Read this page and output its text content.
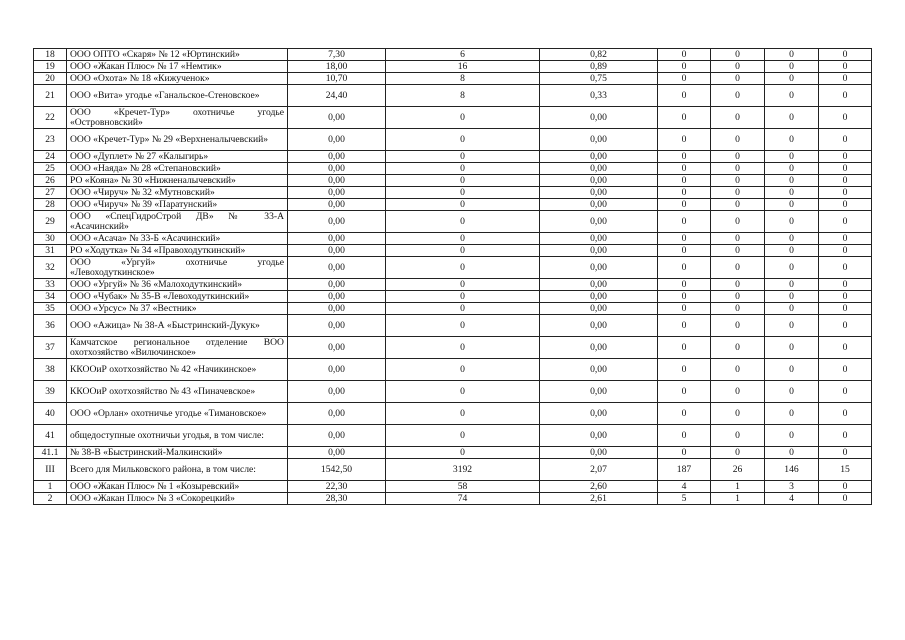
18	ООО ОПТО «Скаря» № 12 «Юртинский»	7,30	6	0,82	0	0	0	0
19	ООО «Жакан Плюс» № 17 «Немтик»	18,00	16	0,89	0	0	0	0
20	ООО «Охота» № 18 «Кижученок»	10,70	8	0,75	0	0	0	0
21	ООО «Вита» угодье «Ганальское-Стеновское»	24,40	8	0,33	0	0	0	0
22	ООО «Кречет-Тур» охотничье угодье «Островновский»	0,00	0	0,00	0	0	0	0
23	ООО «Кречет-Тур» № 29 «Верхненалычевский»	0,00	0	0,00	0	0	0	0
24	ООО «Дуплет» № 27 «Калыгирь»	0,00	0	0,00	0	0	0	0
25	ООО «Наяда» № 28 «Степановский»	0,00	0	0,00	0	0	0	0
26	РО «Коянa» № 30 «Нижненалычевский»	0,00	0	0,00	0	0	0	0
27	ООО «Чируч» № 32 «Мутновский»	0,00	0	0,00	0	0	0	0
28	ООО «Чируч» № 39 «Паратунский»	0,00	0	0,00	0	0	0	0
29	ООО «СпецГидроСтрой ДВ» № 33-А «Асачинский»	0,00	0	0,00	0	0	0	0
30	ООО «Асача» № 33-Б «Асачинский»	0,00	0	0,00	0	0	0	0
31	РО «Ходутка» № 34 «Правоходуткинский»	0,00	0	0,00	0	0	0	0
32	ООО «Ургуй» охотничье угодье «Левоходуткинское»	0,00	0	0,00	0	0	0	0
33	ООО «Ургуй» № 36 «Малоходуткинский»	0,00	0	0,00	0	0	0	0
34	ООО «Чубак» № 35-В «Левоходуткинский»	0,00	0	0,00	0	0	0	0
35	ООО «Урсус» № 37 «Вестник»	0,00	0	0,00	0	0	0	0
36	ООО «Ажица» № 38-А «Быстринский-Дукук»	0,00	0	0,00	0	0	0	0
37	Камчатское региональное отделение ВОО охотхозяйство «Вилючинское»	0,00	0	0,00	0	0	0	0
38	ККООиР охотхозяйство № 42 «Начикинское»	0,00	0	0,00	0	0	0	0
39	ККООиР охотхозяйство № 43 «Пиначевское»	0,00	0	0,00	0	0	0	0
40	ООО «Орлан» охотничье угодье «Тимановское»	0,00	0	0,00	0	0	0	0
41	общедоступные охотничьи угодья, в том числе:	0,00	0	0,00	0	0	0	0
41.1	№ 38-В «Быстринский-Малкинский»	0,00	0	0,00	0	0	0	0
III	Всего для Мильковского района, в том числе:	1542,50	3192	2,07	187	26	146	15
1	ООО «Жакан Плюс» № 1 «Козыревский»	22,30	58	2,60	4	1	3	0
2	ООО «Жакан Плюс» № 3 «Сокорецкий»	28,30	74	2,61	5	1	4	0
